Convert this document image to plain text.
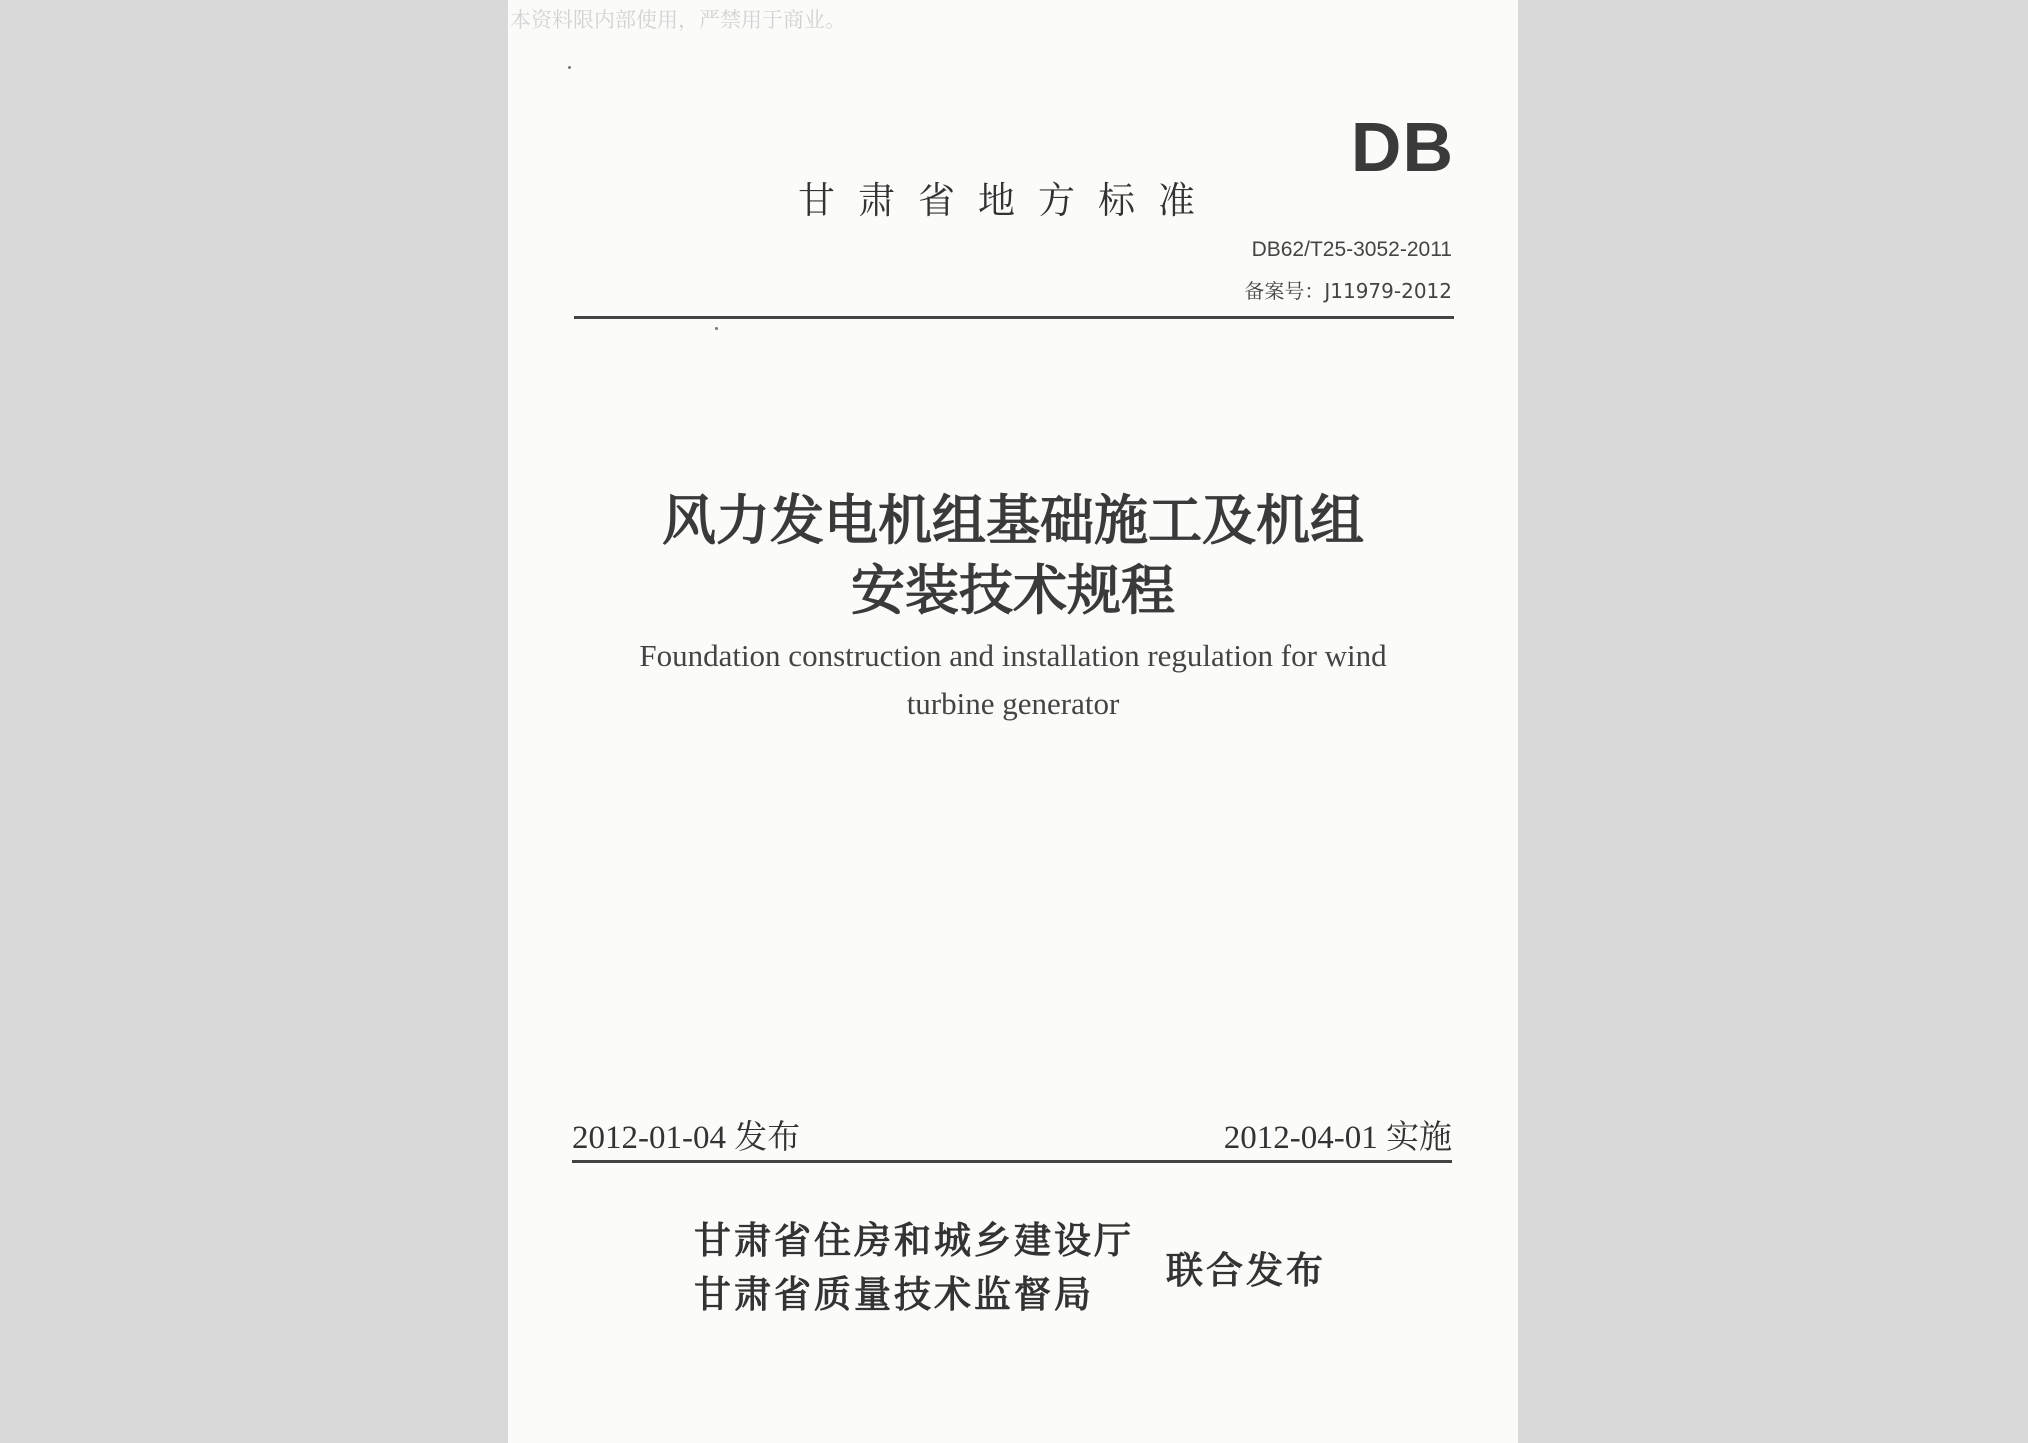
本资料限内部使用，严禁用于商业。
DB
甘肃省地方标准
DB62/T25-3052-2011
备案号：J11979-2012
风力发电机组基础施工及机组
安装技术规程
Foundation construction and installation regulation for wind
turbine generator
2012-01-04 发布	2012-04-01 实施
甘肃省住房和城乡建设厅
甘肃省质量技术监督局
联合发布
